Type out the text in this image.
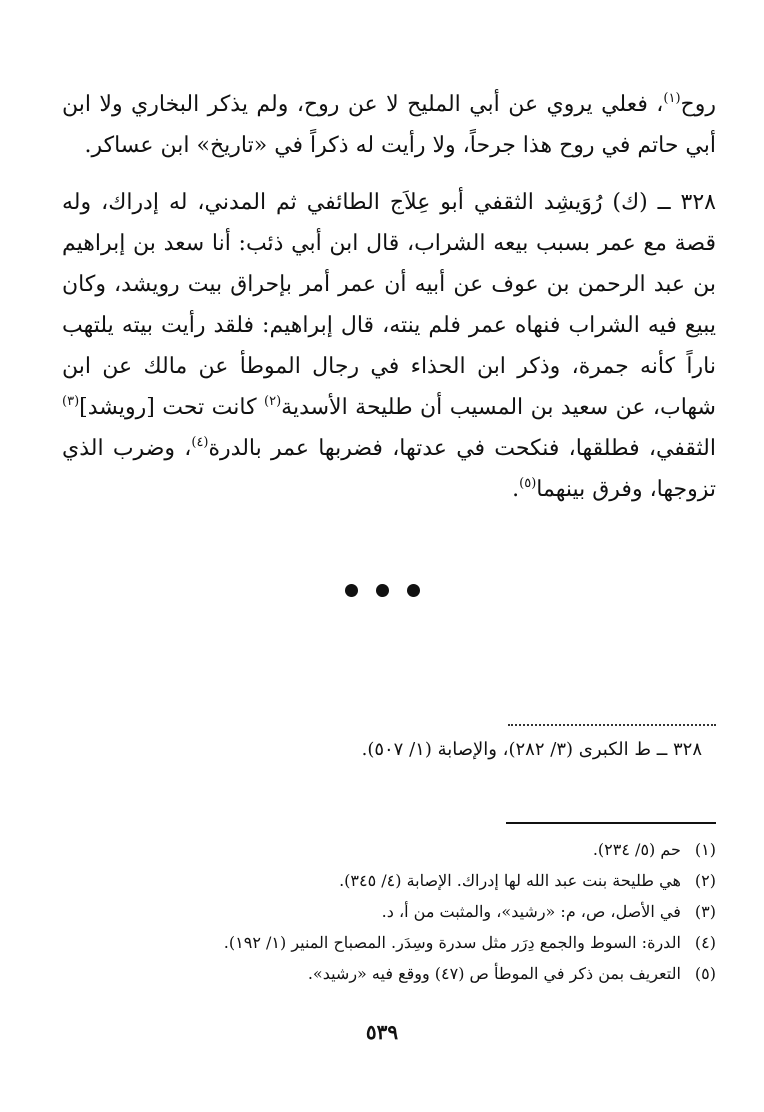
روح$^{(١)}$، فعلي يروي عن أبي المليح لا عن روح، ولم يذكر البخاري ولا ابن أبي حاتم في روح هذا جرحاً، ولا رأيت له ذكراً في «تاريخ» ابن عساكر.

٣٢٨ ــ (ك) رُوَيشِد الثقفي أبو عِلاَج الطائفي ثم المدني، له إدراك، وله قصة مع عمر بسبب بيعه الشراب، قال ابن أبي ذئب: أنا سعد بن إبراهيم بن عبد الرحمن بن عوف عن أبيه أن عمر أمر بإحراق بيت رويشد، وكان يبيع فيه الشراب فنهاه عمر فلم ينته، قال إبراهيم: فلقد رأيت بيته يلتهب ناراً كأنه جمرة، وذكر ابن الحذاء في رجال الموطأ عن مالك عن ابن شهاب، عن سعيد بن المسيب أن طليحة الأسدية$^{(٢)}$ كانت تحت [رويشد]$^{(٣)}$ الثقفي، فطلقها، فنكحت في عدتها، فضربها عمر بالدرة$^{(٤)}$، وضرب الذي تزوجها، وفرق بينهما$^{(٥)}$.

٣٢٨ ــ ط الكبرى (٣/ ٢٨٢)، والإصابة (١/ ٥٠٧).
(١) حم (٥/ ٢٣٤).
(٢) هي طليحة بنت عبد الله لها إدراك. الإصابة (٤/ ٣٤٥).
(٣) في الأصل، ص، م: «رشيد»، والمثبت من أ، د.
(٤) الدرة: السوط والجمع دِرَر مثل سدرة وسِدَر. المصباح المنير (١/ ١٩٢).
(٥) التعريف بمن ذكر في الموطأ ص (٤٧) ووقع فيه «رشيد».
٥٣٩
